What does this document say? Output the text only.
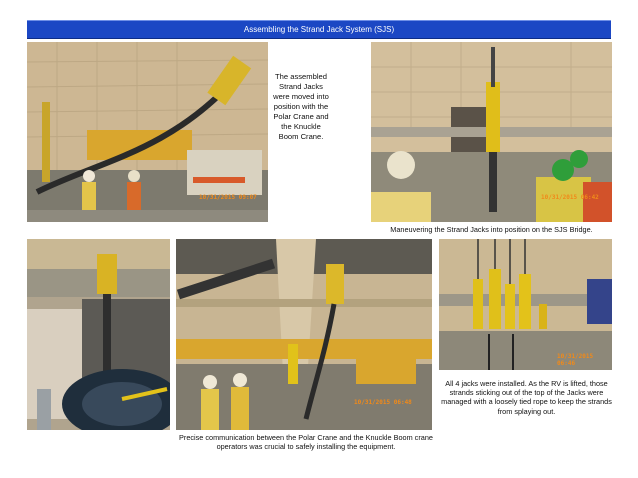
Assembling the Strand Jack System (SJS)
10/31/2015 09:07
The assembled Strand Jacks were moved into position with the Polar Crane and the Knuckle Boom Crane.
10/31/2015 06:42
Maneuvering the Strand Jacks into position on the SJS Bridge.
10/31/2015 06:48
Precise communication between the Polar Crane and the Knuckle Boom crane operators was crucial to safely installing the equipment.
10/31/2015 06:46
All 4 jacks were installed. As the RV is lifted, those strands sticking out of the top of the Jacks were managed with a loosely tied rope to keep the strands from splaying out.
